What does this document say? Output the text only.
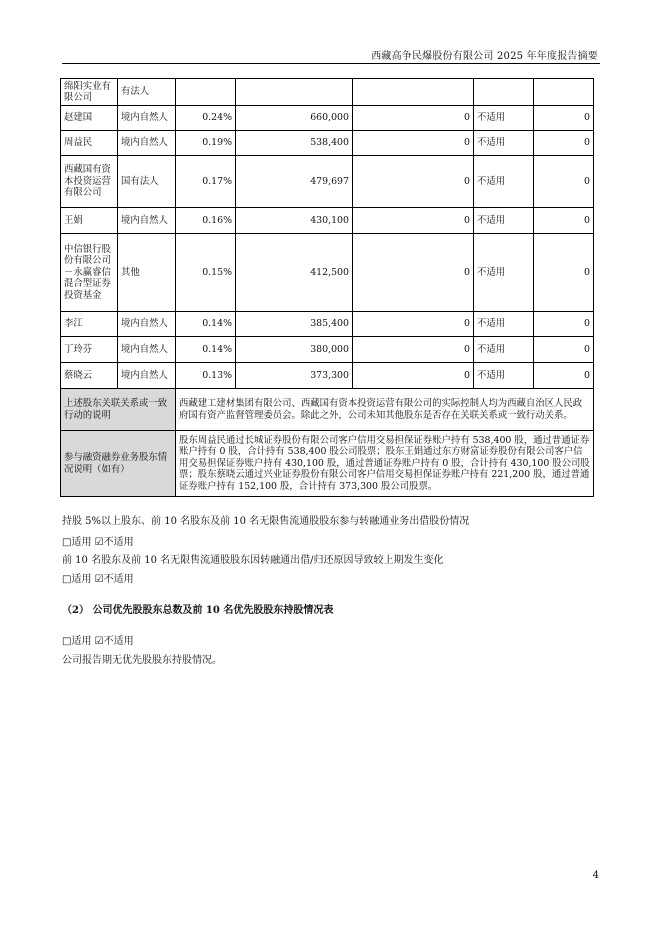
西藏高争民爆股份有限公司 2025 年年度报告摘要
绵阳实业有限公司	有法人					
赵建国	境内自然人	0.24%	660,000	0	不适用	0
周益民	境内自然人	0.19%	538,400	0	不适用	0
西藏国有资本投资运营有限公司	国有法人	0.17%	479,697	0	不适用	0
王娟	境内自然人	0.16%	430,100	0	不适用	0
中信银行股份有限公司－永赢睿信混合型证券投资基金	其他	0.15%	412,500	0	不适用	0
李江	境内自然人	0.14%	385,400	0	不适用	0
丁玲芬	境内自然人	0.14%	380,000	0	不适用	0
蔡晓云	境内自然人	0.13%	373,300	0	不适用	0
上述股东关联关系或一致行动的说明		西藏建工建材集团有限公司、西藏国有资本投资运营有限公司的实际控制人均为西藏自治区人民政府国有资产监督管理委员会。除此之外，公司未知其他股东是否存在关联关系或一致行动关系。				
参与融资融券业务股东情况说明（如有）		股东周益民通过长城证券股份有限公司客户信用交易担保证券账户持有 538,400 股，通过普通证券账户持有 0 股，合计持有 538,400 股公司股票；股东王娟通过东方财富证券股份有限公司客户信用交易担保证券账户持有 430,100 股，通过普通证券账户持有 0 股，合计持有 430,100 股公司股票；股东蔡晓云通过兴业证券股份有限公司客户信用交易担保证券账户持有 221,200 股，通过普通证券账户持有 152,100 股，合计持有 373,300 股公司股票。				
持股 5%以上股东、前 10 名股东及前 10 名无限售流通股股东参与转融通业务出借股份情况
□适用 ☑不适用
前 10 名股东及前 10 名无限售流通股股东因转融通出借/归还原因导致较上期发生变化
□适用 ☑不适用
（2） 公司优先股股东总数及前 10 名优先股股东持股情况表
□适用 ☑不适用
公司报告期无优先股股东持股情况。
4
